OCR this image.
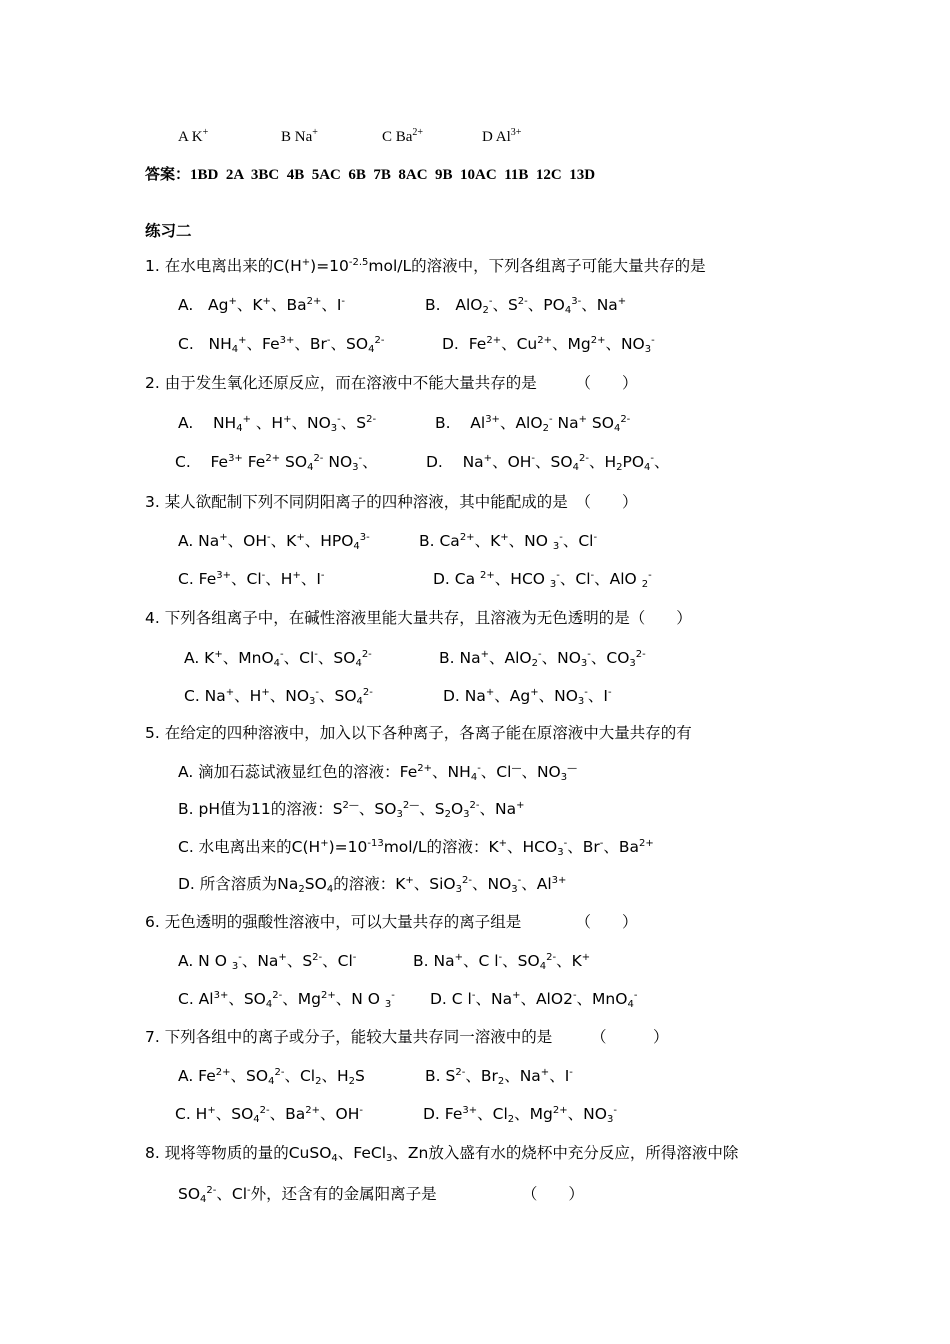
A K+	B Na+	C $Ba^{2+}$	D $Al^{3+}$
答案：1BD  2A  3BC  4B  5AC  6B  7B  8AC  9B  10AC  11B  12C  13D
练习二
1. 在水电离出来的$C(H^+)=10^{-2.5}mol/L$的溶液中，下列各组离子可能大量共存的是
A.   Ag+、K+、$Ba^{2+}$、I-	B.   AlO$_2$-、$S^{2-}$、$PO_4^{3-}$、Na+
C.   $NH_4^+$、$Fe^{3+}$、Br-、$SO_4^{2-}$	D.  $Fe^{2+}$、$Cu^{2+}$、$Mg^{2+}$、$NO_3^-$
2. 由于发生氧化还原反应，而在溶液中不能大量共存的是　　　（　　）
A.    $NH_4^+$ 、H+、$NO_3^-$、$S^{2-}$	B.    $Al^{3+}$、AlO$_2$- Na+ $SO_4^{2-}$
C.    $Fe^{3+}$ $Fe^{2+}$ $SO_4^{2-}$ $NO_3^-$、	D.    Na+、OH-、$SO_4^{2-}$、$H_2PO_4^-$、
3. 某人欲配制下列不同阴阳离子的四种溶液，其中能配成的是　（　　）
A. Na+、OH-、K+、$HPO_4^{3-}$	B. $Ca^{2+}$、K+、NO $_3$-、Cl-
C. $Fe^{3+}$、Cl-、H+、I-	D. Ca $^{2+}$、HCO $_3$-、Cl-、AlO $_2$-
4. 下列各组离子中，在碱性溶液里能大量共存，且溶液为无色透明的是（　　）
A. K+、MnO$_4$-、Cl-、$SO_4^{2-}$	B. Na+、AlO$_2$-、$NO_3^-$、$CO_3^{2-}$
C. Na+、H+、$NO_3^-$、$SO_4^{2-}$	D. Na+、Ag+、$NO_3^-$、I-
5. 在给定的四种溶液中，加入以下各种离子，各离子能在原溶液中大量共存的有
A. 滴加石蕊试液显红色的溶液：$Fe^{2+}$、$NH_4^-$、Cl—、$NO_3^—$
B. pH值为11的溶液：$S^{2—}$、$SO_3^{2—}$、$S_2O_3^{2-}$、Na+
C. 水电离出来的$C(H^+)=10^{-13}mol/L$的溶液：K+、$HCO_3^-$、Br-、$Ba^{2+}$
D. 所含溶质为$Na_2SO_4$的溶液：K+、SiO$_3^{2-}$、$NO_3^-$、$Al^{3+}$
6. 无色透明的强酸性溶液中，可以大量共存的离子组是　　　　（　　）
A. N O $_3$-、Na+、$S^{2-}$、Cl-	B. Na+、C l-、$SO_4^{2-}$、K+
C. $Al^{3+}$、$SO_4^{2-}$、$Mg^{2+}$、N O $_3$- D. C l-、Na+、AlO2-、MnO$_4$-
7. 下列各组中的离子或分子，能较大量共存同一溶液中的是　　　（　　　）
A. $Fe^{2+}$、$SO_4^{2-}$、$Cl_2$、$H_2S$	B. $S^{2-}$、$Br_2$、Na+、I-
C. H+、$SO_4^{2-}$、$Ba^{2+}$、OH-	D. $Fe^{3+}$、$Cl_2$、$Mg^{2+}$、$NO_3^-$
8. 现将等物质的量的CuSO$_4$、FeCl$_3$、Zn放入盛有水的烧杯中充分反应，所得溶液中除
$SO_4^{2-}$、Cl-外，还含有的金属阳离子是　　　　　　（　　）
